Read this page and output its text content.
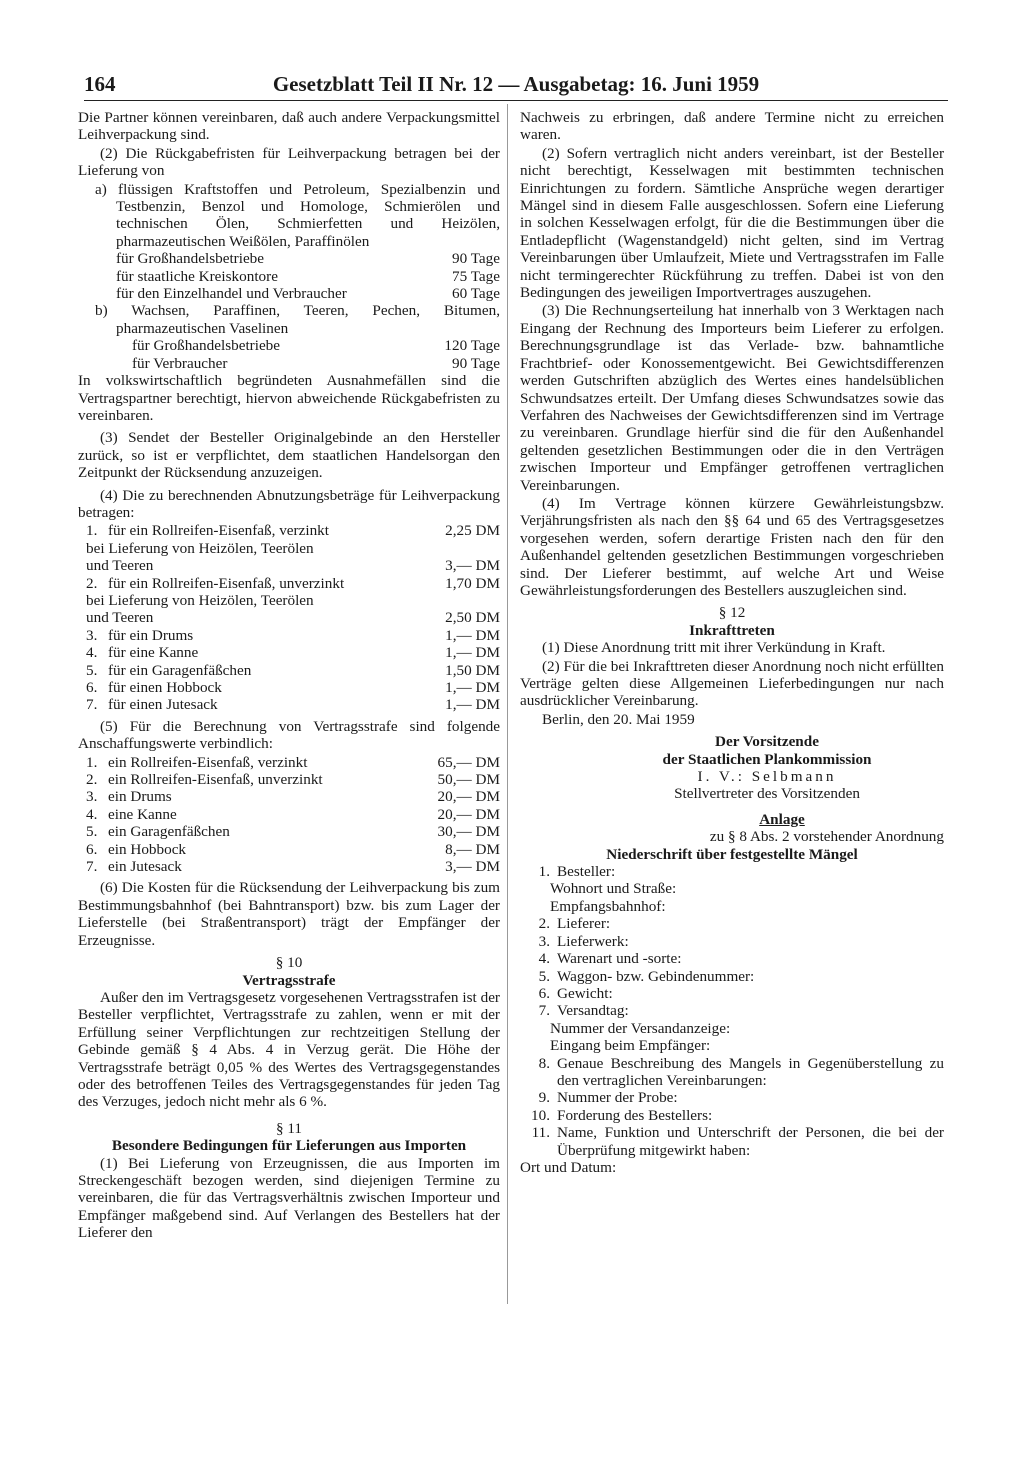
164	Gesetzblatt Teil II Nr. 12 — Ausgabetag: 16. Juni 1959
Die Partner können vereinbaren, daß auch andere Verpackungsmittel Leihverpackung sind.
(2) Die Rückgabefristen für Leihverpackung betragen bei der Lieferung von
a) flüssigen Kraftstoffen und Petroleum, Spezialbenzin und Testbenzin, Benzol und Homologe, Schmierölen und technischen Ölen, Schmierfetten und Heizölen, pharmazeutischen Weißölen, Paraffinölen
für Großhandelsbetriebe	90 Tage
für staatliche Kreiskontore	75 Tage
für den Einzelhandel und Verbraucher	60 Tage
b) Wachsen, Paraffinen, Teeren, Pechen, Bitumen, pharmazeutischen Vaselinen
für Großhandelsbetriebe	120 Tage
für Verbraucher	90 Tage
In volkswirtschaftlich begründeten Ausnahmefällen sind die Vertragspartner berechtigt, hiervon abweichende Rückgabefristen zu vereinbaren.
(3) Sendet der Besteller Originalgebinde an den Hersteller zurück, so ist er verpflichtet, dem staatlichen Handelsorgan den Zeitpunkt der Rücksendung anzuzeigen.
(4) Die zu berechnenden Abnutzungsbeträge für Leihverpackung betragen:
1. für ein Rollreifen-Eisenfaß, verzinkt	2,25 DM
bei Lieferung von Heizölen, Teerölen
und Teeren	3,— DM
2. für ein Rollreifen-Eisenfaß, unverzinkt	1,70 DM
bei Lieferung von Heizölen, Teerölen
und Teeren	2,50 DM
3. für ein Drums	1,— DM
4. für eine Kanne	1,— DM
5. für ein Garagenfäßchen	1,50 DM
6. für einen Hobbock	1,— DM
7. für einen Jutesack	1,— DM
(5) Für die Berechnung von Vertragsstrafe sind folgende Anschaffungswerte verbindlich:
1. ein Rollreifen-Eisenfaß, verzinkt	65,— DM
2. ein Rollreifen-Eisenfaß, unverzinkt	50,— DM
3. ein Drums	20,— DM
4. eine Kanne	20,— DM
5. ein Garagenfäßchen	30,— DM
6. ein Hobbock	8,— DM
7. ein Jutesack	3,— DM
(6) Die Kosten für die Rücksendung der Leihverpackung bis zum Bestimmungsbahnhof (bei Bahntransport) bzw. bis zum Lager der Lieferstelle (bei Straßentransport) trägt der Empfänger der Erzeugnisse.
§ 10
Vertragsstrafe
Außer den im Vertragsgesetz vorgesehenen Vertragsstrafen ist der Besteller verpflichtet, Vertragsstrafe zu zahlen, wenn er mit der Erfüllung seiner Verpflichtungen zur rechtzeitigen Stellung der Gebinde gemäß § 4 Abs. 4 in Verzug gerät. Die Höhe der Vertragsstrafe beträgt 0,05 % des Wertes des Vertragsgegenstandes oder des betroffenen Teiles des Vertragsgegenstandes für jeden Tag des Verzuges, jedoch nicht mehr als 6 %.
§ 11
Besondere Bedingungen für Lieferungen aus Importen
(1) Bei Lieferung von Erzeugnissen, die aus Importen im Streckengeschäft bezogen werden, sind diejenigen Termine zu vereinbaren, die für das Vertragsverhältnis zwischen Importeur und Empfänger maßgebend sind. Auf Verlangen des Bestellers hat der Lieferer den
Nachweis zu erbringen, daß andere Termine nicht zu erreichen waren.
(2) Sofern vertraglich nicht anders vereinbart, ist der Besteller nicht berechtigt, Kesselwagen mit bestimmten technischen Einrichtungen zu fordern. Sämtliche Ansprüche wegen derartiger Mängel sind in diesem Falle ausgeschlossen. Sofern eine Lieferung in solchen Kesselwagen erfolgt, für die die Bestimmungen über die Entladepflicht (Wagenstandgeld) nicht gelten, sind im Vertrag Vereinbarungen über Umlaufzeit, Miete und Vertragsstrafen im Falle nicht termingerechter Rückführung zu treffen. Dabei ist von den Bedingungen des jeweiligen Importvertrages auszugehen.
(3) Die Rechnungserteilung hat innerhalb von 3 Werktagen nach Eingang der Rechnung des Importeurs beim Lieferer zu erfolgen. Berechnungsgrundlage ist das Verlade- bzw. bahnamtliche Frachtbrief- oder Konossementgewicht. Bei Gewichtsdifferenzen werden Gutschriften abzüglich des Wertes eines handelsüblichen Schwundsatzes erteilt. Der Umfang dieses Schwundsatzes sowie das Verfahren des Nachweises der Gewichtsdifferenzen sind im Vertrage zu vereinbaren. Grundlage hierfür sind die für den Außenhandel geltenden gesetzlichen Bestimmungen oder die in den Verträgen zwischen Importeur und Empfänger getroffenen vertraglichen Vereinbarungen.
(4) Im Vertrage können kürzere Gewährleistungsbzw. Verjährungsfristen als nach den §§ 64 und 65 des Vertragsgesetzes vorgesehen werden, sofern derartige Fristen nach den für den Außenhandel geltenden gesetzlichen Bestimmungen vorgeschrieben sind. Der Lieferer bestimmt, auf welche Art und Weise Gewährleistungsforderungen des Bestellers auszugleichen sind.
§ 12
Inkrafttreten
(1) Diese Anordnung tritt mit ihrer Verkündung in Kraft.
(2) Für die bei Inkrafttreten dieser Anordnung noch nicht erfüllten Verträge gelten diese Allgemeinen Lieferbedingungen nur nach ausdrücklicher Vereinbarung.
Berlin, den 20. Mai 1959
Der Vorsitzende
der Staatlichen Plankommission
I. V.: Selbmann
Stellvertreter des Vorsitzenden
Anlage
zu § 8 Abs. 2 vorstehender Anordnung
Niederschrift über festgestellte Mängel
1. Besteller:
Wohnort und Straße:
Empfangsbahnhof:
2. Lieferer:
3. Lieferwerk:
4. Warenart und -sorte:
5. Waggon- bzw. Gebindenummer:
6. Gewicht:
7. Versandtag:
Nummer der Versandanzeige:
Eingang beim Empfänger:
8. Genaue Beschreibung des Mangels in Gegenüberstellung zu den vertraglichen Vereinbarungen:
9. Nummer der Probe:
10. Forderung des Bestellers:
11. Name, Funktion und Unterschrift der Personen, die bei der Überprüfung mitgewirkt haben:
Ort und Datum:
